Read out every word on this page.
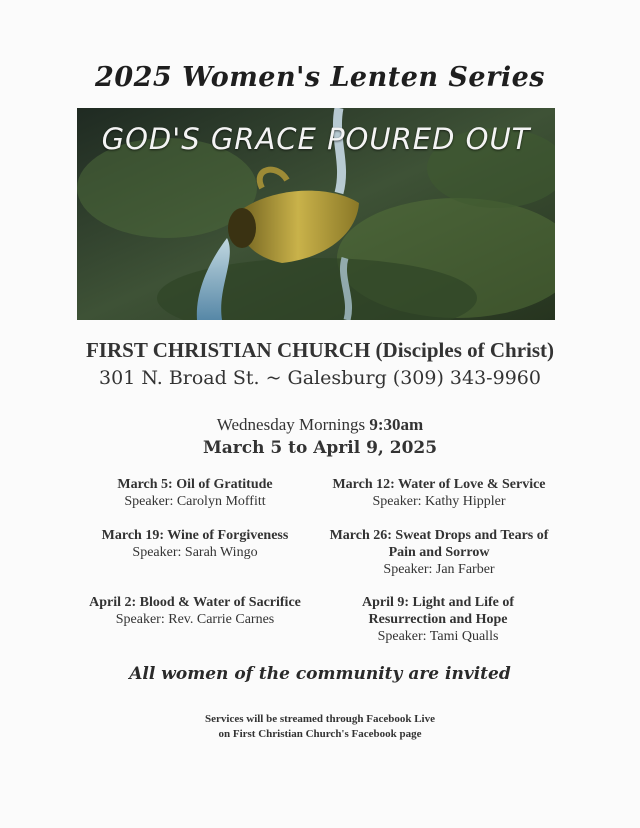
2025 Women's Lenten Series
GOD'S GRACE POURED OUT
FIRST CHRISTIAN CHURCH (Disciples of Christ)
301 N. Broad St. ~ Galesburg (309) 343-9960
Wednesday Mornings 9:30am
March 5 to April 9, 2025
March 5: Oil of Gratitude
Speaker: Carolyn Moffitt
March 12: Water of Love & Service
Speaker: Kathy Hippler
March 19: Wine of Forgiveness
Speaker: Sarah Wingo
March 26: Sweat Drops and Tears of Pain and Sorrow
Speaker: Jan Farber
April 2: Blood & Water of Sacrifice
Speaker: Rev. Carrie Carnes
April 9: Light and Life of Resurrection and Hope
Speaker: Tami Qualls
All women of the community are invited
Services will be streamed through Facebook Live
on First Christian Church's Facebook page
